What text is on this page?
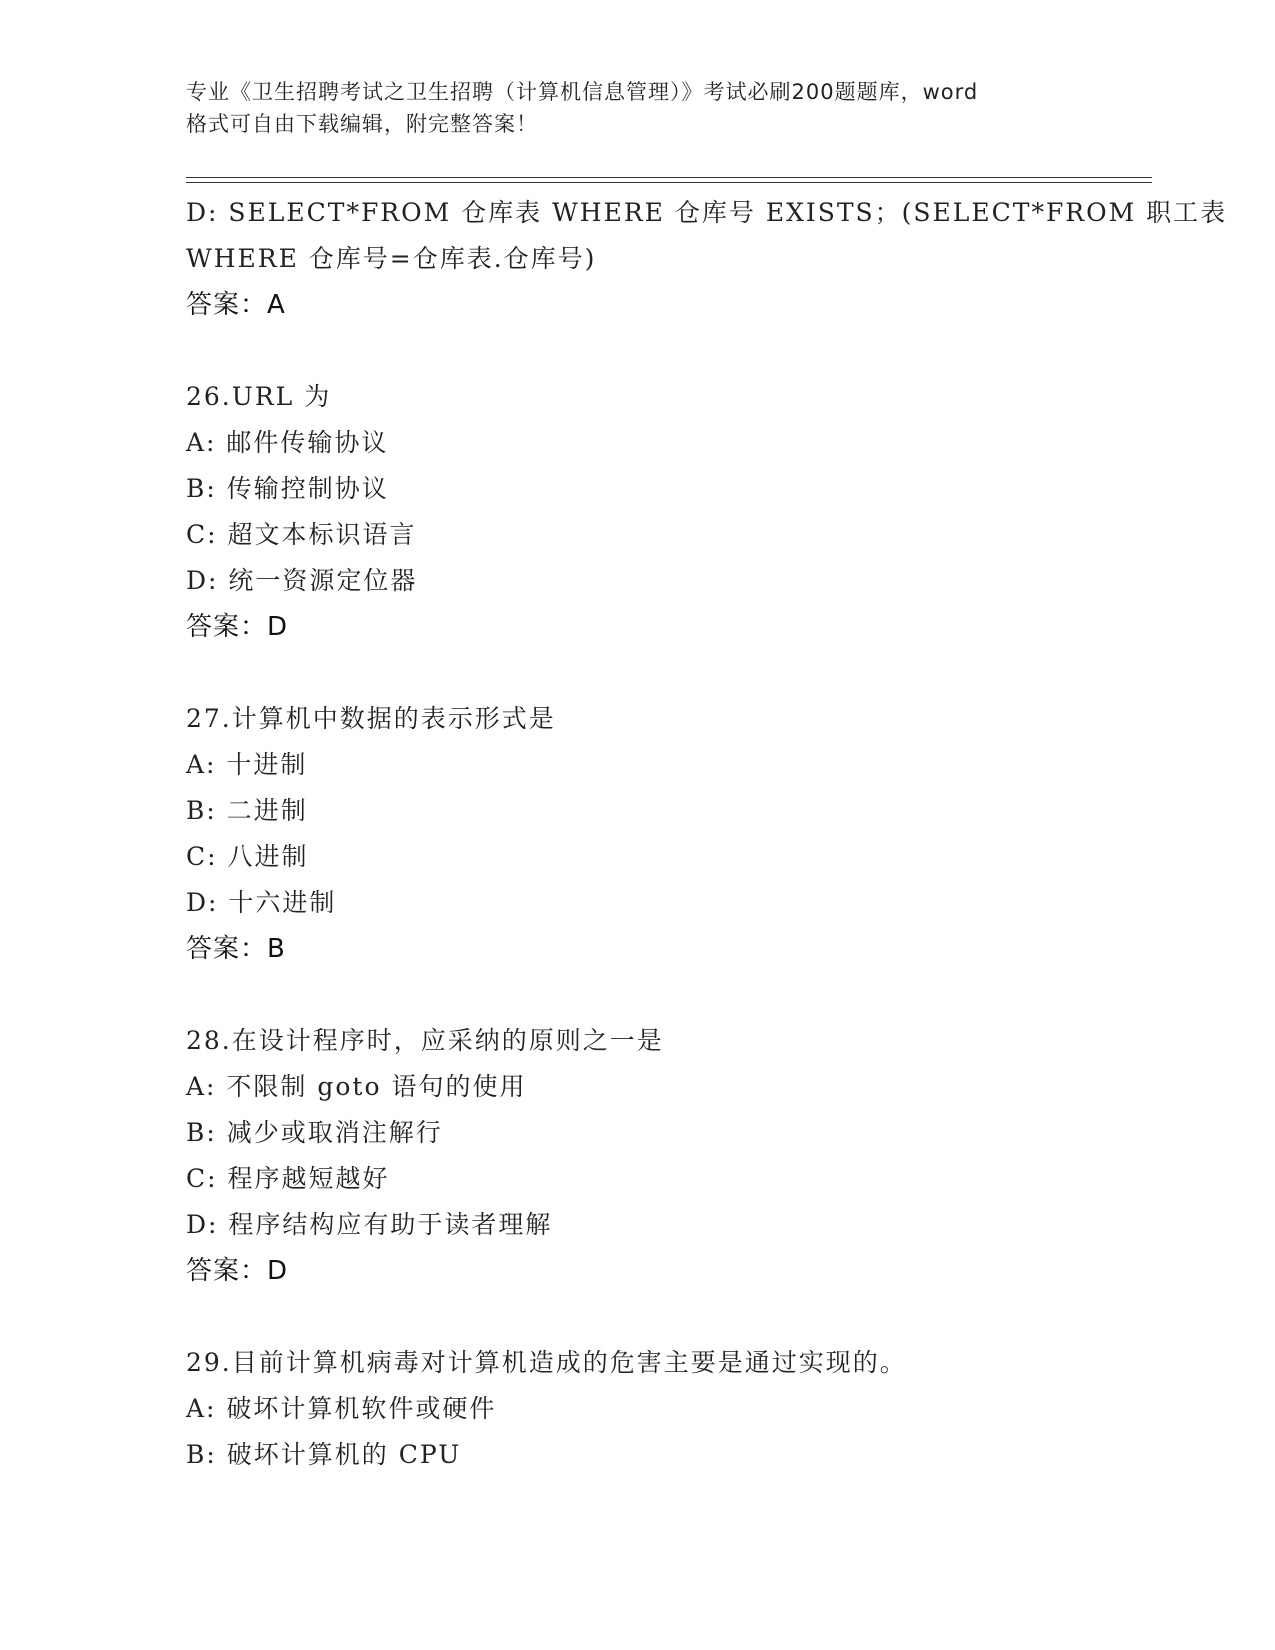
专业《卫生招聘考试之卫生招聘（计算机信息管理）》考试必刷200题题库，word
格式可自由下载编辑，附完整答案！
D: SELECT*FROM 仓库表 WHERE 仓库号 EXISTS；(SELECT*FROM 职工表
WHERE 仓库号=仓库表.仓库号)
答案：A
26.URL 为
A: 邮件传输协议
B: 传输控制协议
C: 超文本标识语言
D: 统一资源定位器
答案：D
27.计算机中数据的表示形式是
A: 十进制
B: 二进制
C: 八进制
D: 十六进制
答案：B
28.在设计程序时，应采纳的原则之一是
A: 不限制 goto 语句的使用
B: 减少或取消注解行
C: 程序越短越好
D: 程序结构应有助于读者理解
答案：D
29.目前计算机病毒对计算机造成的危害主要是通过实现的。
A: 破坏计算机软件或硬件
B: 破坏计算机的 CPU
